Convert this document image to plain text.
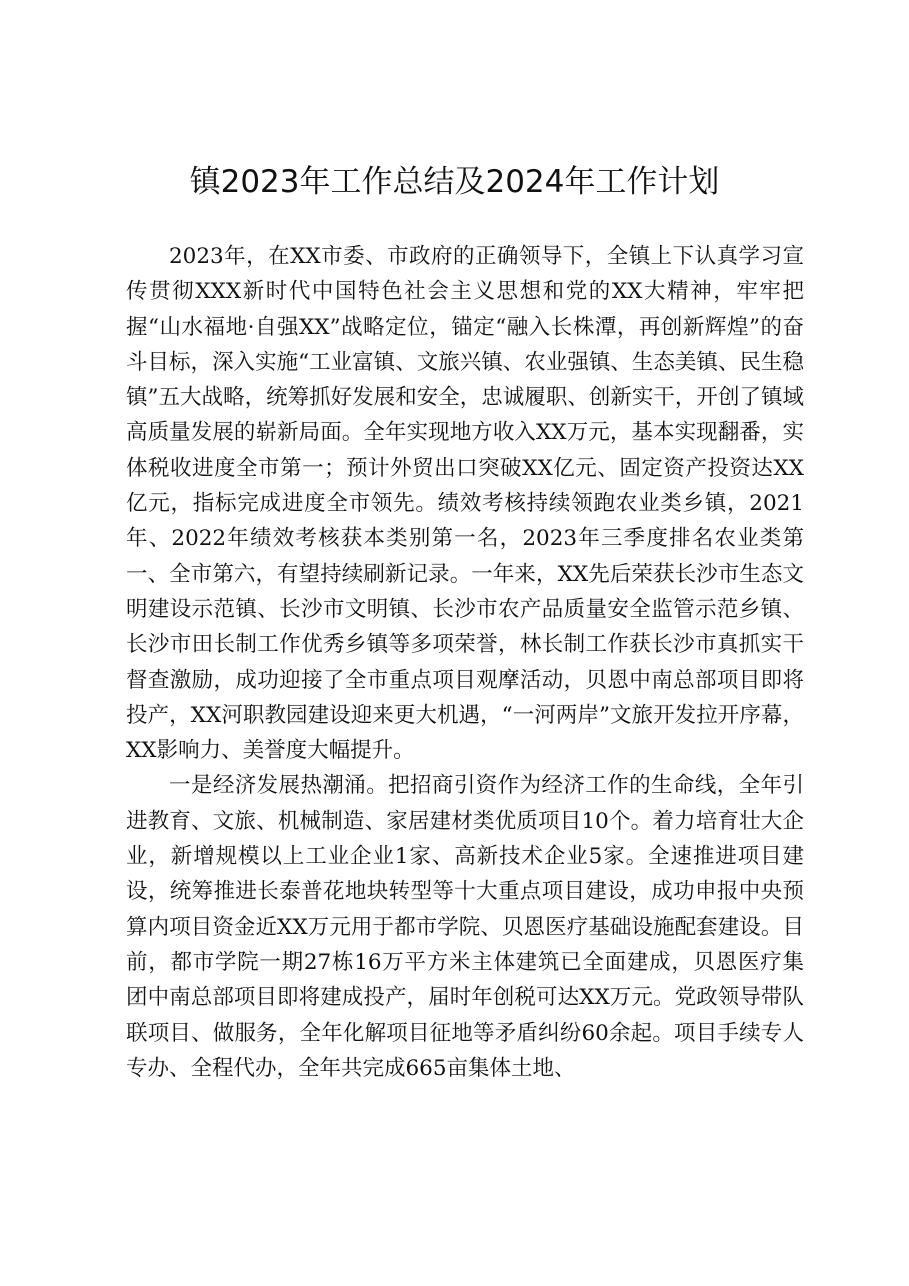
镇2023年工作总结及2024年工作计划

2023年，在XX市委、市政府的正确领导下，全镇上下认真学习宣传贯彻XXX新时代中国特色社会主义思想和党的XX大精神，牢牢把握“山水福地·自强XX”战略定位，锚定“融入长株潭，再创新辉煌”的奋斗目标，深入实施“工业富镇、文旅兴镇、农业强镇、生态美镇、民生稳镇”五大战略，统筹抓好发展和安全，忠诚履职、创新实干，开创了镇域高质量发展的崭新局面。全年实现地方收入XX万元，基本实现翻番，实体税收进度全市第一；预计外贸出口突破XX亿元、固定资产投资达XX亿元，指标完成进度全市领先。绩效考核持续领跑农业类乡镇，2021年、2022年绩效考核获本类别第一名，2023年三季度排名农业类第一、全市第六，有望持续刷新记录。一年来，XX先后荣获长沙市生态文明建设示范镇、长沙市文明镇、长沙市农产品质量安全监管示范乡镇、长沙市田长制工作优秀乡镇等多项荣誉，林长制工作获长沙市真抓实干督查激励，成功迎接了全市重点项目观摩活动，贝恩中南总部项目即将投产，XX河职教园建设迎来更大机遇，“一河两岸”文旅开发拉开序幕，XX影响力、美誉度大幅提升。

一是经济发展热潮涌。把招商引资作为经济工作的生命线，全年引进教育、文旅、机械制造、家居建材类优质项目10个。着力培育壮大企业，新增规模以上工业企业1家、高新技术企业5家。全速推进项目建设，统筹推进长泰普花地块转型等十大重点项目建设，成功申报中央预算内项目资金近XX万元用于都市学院、贝恩医疗基础设施配套建设。目前，都市学院一期27栋16万平方米主体建筑已全面建成，贝恩医疗集团中南总部项目即将建成投产，届时年创税可达XX万元。党政领导带队联项目、做服务，全年化解项目征地等矛盾纠纷60余起。项目手续专人专办、全程代办，全年共完成665亩集体土地、
